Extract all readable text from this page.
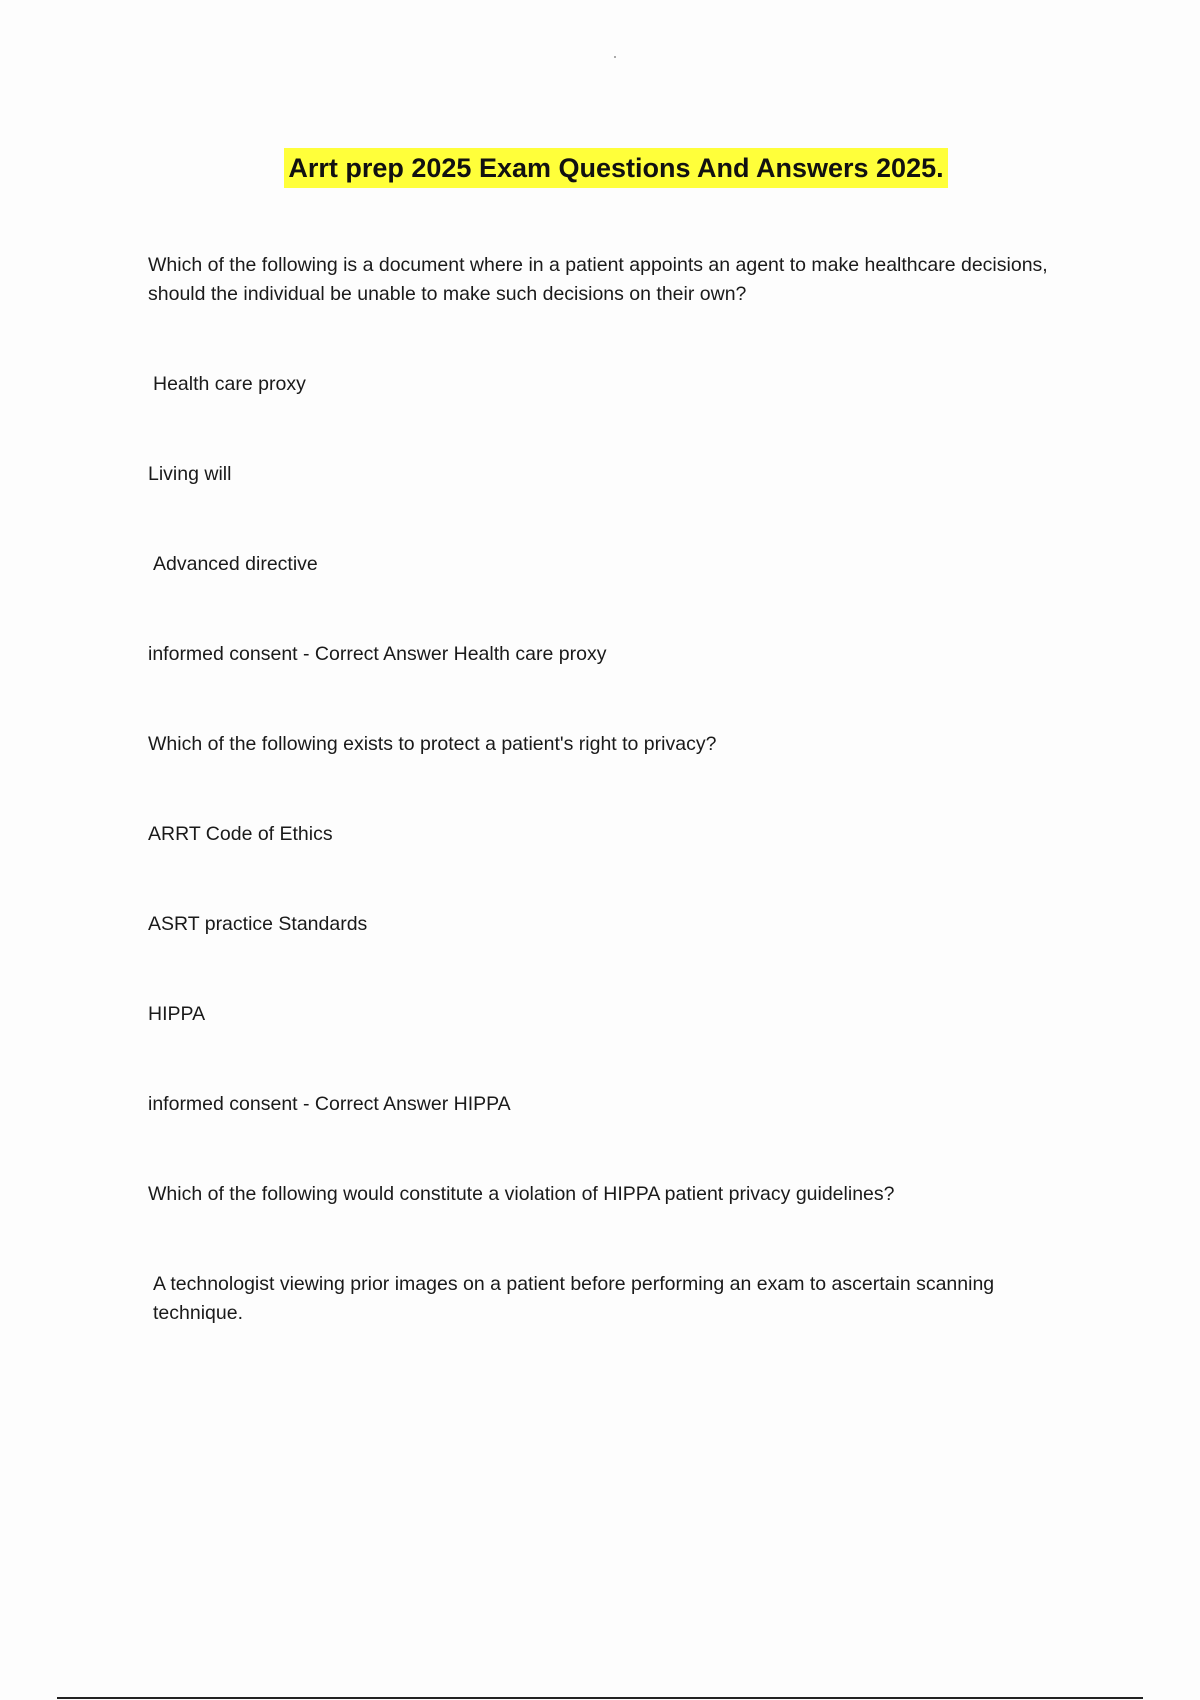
Arrt prep 2025 Exam Questions And Answers 2025.

Which of the following is a document where in a patient appoints an agent to make healthcare decisions, should the individual be unable to make such decisions on their own?

Health care proxy

Living will

Advanced directive

informed consent - Correct Answer Health care proxy

Which of the following exists to protect a patient's right to privacy?

ARRT Code of Ethics

ASRT practice Standards

HIPPA

informed consent - Correct Answer HIPPA

Which of the following would constitute a violation of HIPPA patient privacy guidelines?

A technologist viewing prior images on a patient before performing an exam to ascertain scanning technique.
